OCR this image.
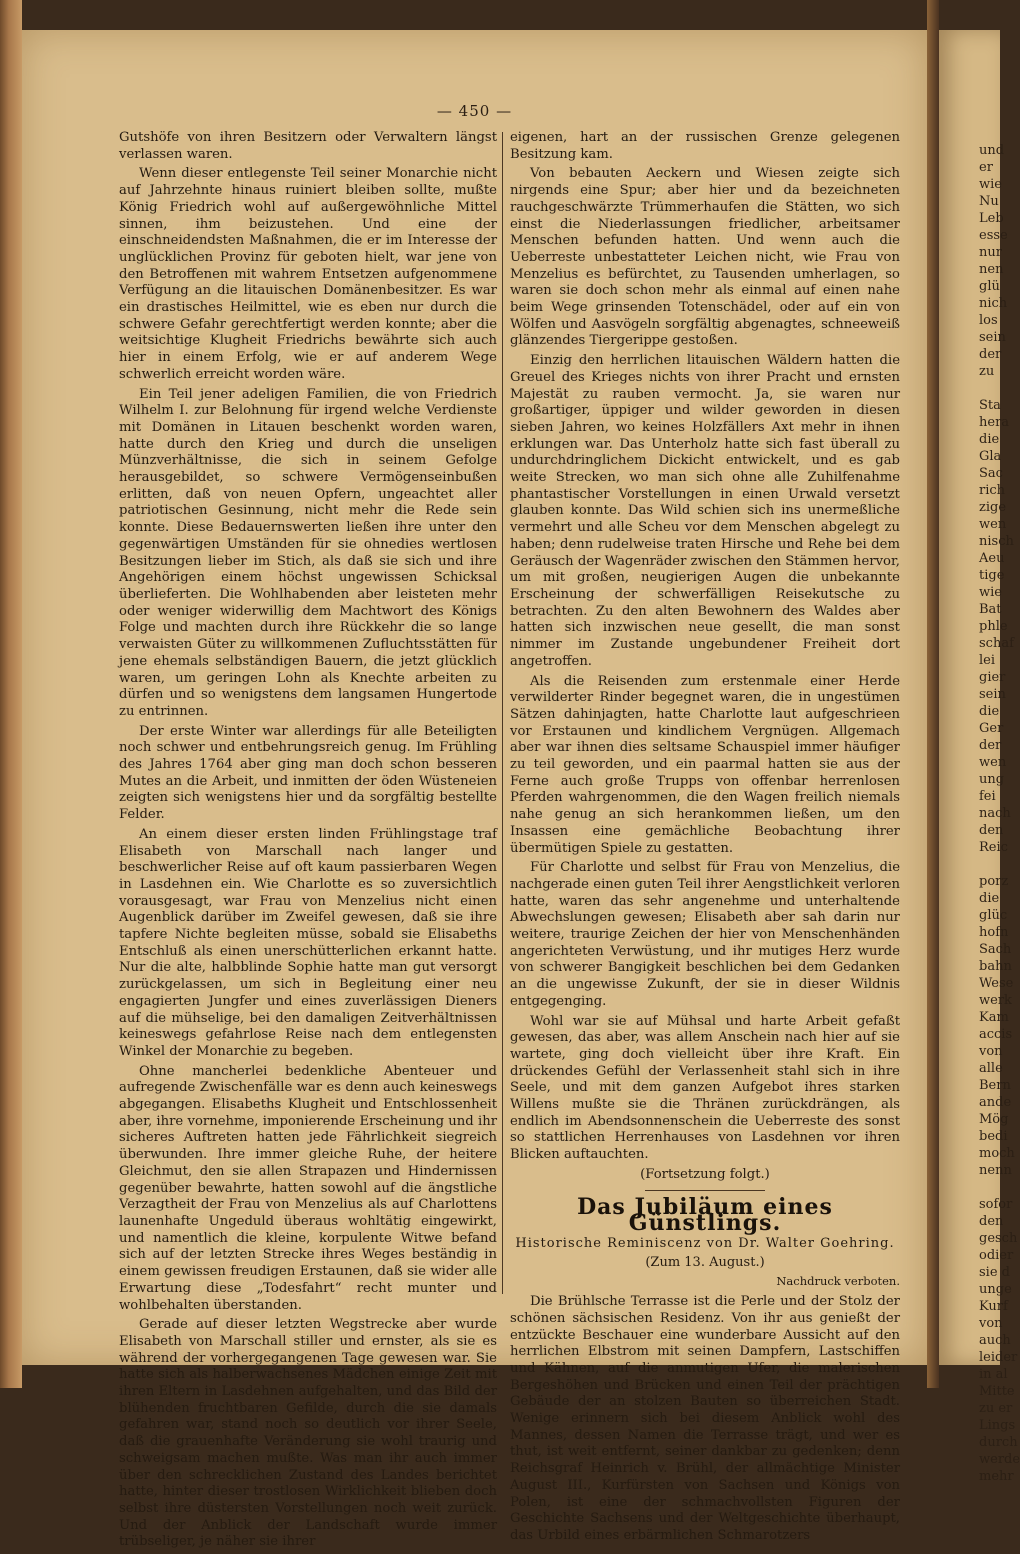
— 450 —

Gutshöfe von ihren Besitzern oder Verwaltern längst verlassen waren.

Wenn dieser entlegenste Teil seiner Monarchie nicht auf Jahrzehnte hinaus ruiniert bleiben sollte, mußte König Friedrich wohl auf außergewöhnliche Mittel sinnen, ihm beizustehen. Und eine der einschneidendsten Maßnahmen, die er im Interesse der unglücklichen Provinz für geboten hielt, war jene von den Betroffenen mit wahrem Entsetzen aufgenommene Verfügung an die litauischen Domänenbesitzer. Es war ein drastisches Heilmittel, wie es eben nur durch die schwere Gefahr gerechtfertigt werden konnte; aber die weitsichtige Klugheit Friedrichs bewährte sich auch hier in einem Erfolg, wie er auf anderem Wege schwerlich erreicht worden wäre.

Ein Teil jener adeligen Familien, die von Friedrich Wilhelm I. zur Belohnung für irgend welche Verdienste mit Domänen in Litauen beschenkt worden waren, hatte durch den Krieg und durch die unseligen Münzverhältnisse, die sich in seinem Gefolge herausgebildet, so schwere Vermögenseinbußen erlitten, daß von neuen Opfern, ungeachtet aller patriotischen Gesinnung, nicht mehr die Rede sein konnte. Diese Bedauernswerten ließen ihre unter den gegenwärtigen Umständen für sie ohnedies wertlosen Besitzungen lieber im Stich, als daß sie sich und ihre Angehörigen einem höchst ungewissen Schicksal überlieferten. Die Wohlhabenden aber leisteten mehr oder weniger widerwillig dem Machtwort des Königs Folge und machten durch ihre Rückkehr die so lange verwaisten Güter zu willkommenen Zufluchtsstätten für jene ehemals selbständigen Bauern, die jetzt glücklich waren, um geringen Lohn als Knechte arbeiten zu dürfen und so wenigstens dem langsamen Hungertode zu entrinnen.

Der erste Winter war allerdings für alle Beteiligten noch schwer und entbehrungsreich genug. Im Frühling des Jahres 1764 aber ging man doch schon besseren Mutes an die Arbeit, und inmitten der öden Wüsteneien zeigten sich wenigstens hier und da sorgfältig bestellte Felder.

An einem dieser ersten linden Frühlingstage traf Elisabeth von Marschall nach langer und beschwerlicher Reise auf oft kaum passierbaren Wegen in Lasdehnen ein. Wie Charlotte es so zuversichtlich vorausgesagt, war Frau von Menzelius nicht einen Augenblick darüber im Zweifel gewesen, daß sie ihre tapfere Nichte begleiten müsse, sobald sie Elisabeths Entschluß als einen unerschütterlichen erkannt hatte. Nur die alte, halbblinde Sophie hatte man gut versorgt zurückgelassen, um sich in Begleitung einer neu engagierten Jungfer und eines zuverlässigen Dieners auf die mühselige, bei den damaligen Zeitverhältnissen keineswegs gefahrlose Reise nach dem entlegensten Winkel der Monarchie zu begeben.

Ohne mancherlei bedenkliche Abenteuer und aufregende Zwischenfälle war es denn auch keineswegs abgegangen. Elisabeths Klugheit und Entschlossenheit aber, ihre vornehme, imponierende Erscheinung und ihr sicheres Auftreten hatten jede Fährlichkeit siegreich überwunden. Ihre immer gleiche Ruhe, der heitere Gleichmut, den sie allen Strapazen und Hindernissen gegenüber bewahrte, hatten sowohl auf die ängstliche Verzagtheit der Frau von Menzelius als auf Charlottens launenhafte Ungeduld überaus wohltätig eingewirkt, und namentlich die kleine, korpulente Witwe befand sich auf der letzten Strecke ihres Weges beständig in einem gewissen freudigen Erstaunen, daß sie wider alle Erwartung diese „Todesfahrt“ recht munter und wohlbehalten überstanden.

Gerade auf dieser letzten Wegstrecke aber wurde Elisabeth von Marschall stiller und ernster, als sie es während der vorhergegangenen Tage gewesen war. Sie hatte sich als halberwachsenes Mädchen einige Zeit mit ihren Eltern in Lasdehnen aufgehalten, und das Bild der blühenden fruchtbaren Gefilde, durch die sie damals gefahren war, stand noch so deutlich vor ihrer Seele, daß die grauenhafte Veränderung sie wohl traurig und schweigsam machen mußte. Was man ihr auch immer über den schrecklichen Zustand des Landes berichtet hatte, hinter dieser trostlosen Wirklichkeit blieben doch selbst ihre düstersten Vorstellungen noch weit zurück. Und der Anblick der Landschaft wurde immer trübseliger, je näher sie ihrer

eigenen, hart an der russischen Grenze gelegenen Besitzung kam.

Von bebauten Aeckern und Wiesen zeigte sich nirgends eine Spur; aber hier und da bezeichneten rauchgeschwärzte Trümmerhaufen die Stätten, wo sich einst die Niederlassungen friedlicher, arbeitsamer Menschen befunden hatten. Und wenn auch die Ueberreste unbestatteter Leichen nicht, wie Frau von Menzelius es befürchtet, zu Tausenden umherlagen, so waren sie doch schon mehr als einmal auf einen nahe beim Wege grinsenden Totenschädel, oder auf ein von Wölfen und Aasvögeln sorgfältig abgenagtes, schneeweiß glänzendes Tiergerippe gestoßen.

Einzig den herrlichen litauischen Wäldern hatten die Greuel des Krieges nichts von ihrer Pracht und ernsten Majestät zu rauben vermocht. Ja, sie waren nur großartiger, üppiger und wilder geworden in diesen sieben Jahren, wo keines Holzfällers Axt mehr in ihnen erklungen war. Das Unterholz hatte sich fast überall zu undurchdringlichem Dickicht entwickelt, und es gab weite Strecken, wo man sich ohne alle Zuhilfenahme phantastischer Vorstellungen in einen Urwald versetzt glauben konnte. Das Wild schien sich ins unermeßliche vermehrt und alle Scheu vor dem Menschen abgelegt zu haben; denn rudelweise traten Hirsche und Rehe bei dem Geräusch der Wagenräder zwischen den Stämmen hervor, um mit großen, neugierigen Augen die unbekannte Erscheinung der schwerfälligen Reisekutsche zu betrachten. Zu den alten Bewohnern des Waldes aber hatten sich inzwischen neue gesellt, die man sonst nimmer im Zustande ungebundener Freiheit dort angetroffen.

Als die Reisenden zum erstenmale einer Herde verwilderter Rinder begegnet waren, die in ungestümen Sätzen dahinjagten, hatte Charlotte laut aufgeschrieen vor Erstaunen und kindlichem Vergnügen. Allgemach aber war ihnen dies seltsame Schauspiel immer häufiger zu teil geworden, und ein paarmal hatten sie aus der Ferne auch große Trupps von offenbar herrenlosen Pferden wahrgenommen, die den Wagen freilich niemals nahe genug an sich herankommen ließen, um den Insassen eine gemächliche Beobachtung ihrer übermütigen Spiele zu gestatten.

Für Charlotte und selbst für Frau von Menzelius, die nachgerade einen guten Teil ihrer Aengstlichkeit verloren hatte, waren das sehr angenehme und unterhaltende Abwechslungen gewesen; Elisabeth aber sah darin nur weitere, traurige Zeichen der hier von Menschenhänden angerichteten Verwüstung, und ihr mutiges Herz wurde von schwerer Bangigkeit beschlichen bei dem Gedanken an die ungewisse Zukunft, der sie in dieser Wildnis entgegenging.

Wohl war sie auf Mühsal und harte Arbeit gefaßt gewesen, das aber, was allem Anschein nach hier auf sie wartete, ging doch vielleicht über ihre Kraft. Ein drückendes Gefühl der Verlassenheit stahl sich in ihre Seele, und mit dem ganzen Aufgebot ihres starken Willens mußte sie die Thränen zurückdrängen, als endlich im Abendsonnenschein die Ueberreste des sonst so stattlichen Herrenhauses von Lasdehnen vor ihren Blicken auftauchten.

(Fortsetzung folgt.)

Das Jubiläum eines Günstlings.
Historische Reminiscenz von Dr. Walter Goehring.
(Zum 13. August.)
Nachdruck verboten.

Die Brühlsche Terrasse ist die Perle und der Stolz der schönen sächsischen Residenz. Von ihr aus genießt der entzückte Beschauer eine wunderbare Aussicht auf den herrlichen Elbstrom mit seinen Dampfern, Lastschiffen und Kähnen, auf die anmutigen Ufer, die malerischen Bergeshöhen und Brücken und einen Teil der prächtigen Gebäude der an stolzen Bauten so überreichen Stadt. Wenige erinnern sich bei diesem Anblick wohl des Mannes, dessen Namen die Terrasse trägt, und wer es thut, ist weit entfernt, seiner dankbar zu gedenken; denn Reichsgraf Heinrich v. Brühl, der allmächtige Minister August III., Kurfürsten von Sachsen und Königs von Polen, ist eine der schmachvollsten Figuren der Geschichte Sachsens und der Weltgeschichte überhaupt, das Urbild eines erbärmlichen Schmarotzers

und

er

wie

Nu

Leb

esse

nur

nen

glü

nich

los

sein

der

zu

Sta

hera

die

Gla

Sac

rich

zige

wen

nisch

Aeu

tige

wie

Bat

phle

schaf

lei

gier

sein

die

Ger

der

wen

ung

fei

nach

den

Reic

porz

die

glüc

hofn

Sach

bahn

Wese

werk

Kam

accis

von

alle

Bern

ande

Mög

bedi

moch

nenn

sofor

den

gesch

odier

sie d

unge

Kurf

von

auch

leider

in al

Mitte

zu er

Lings

durch

werde

mehr
